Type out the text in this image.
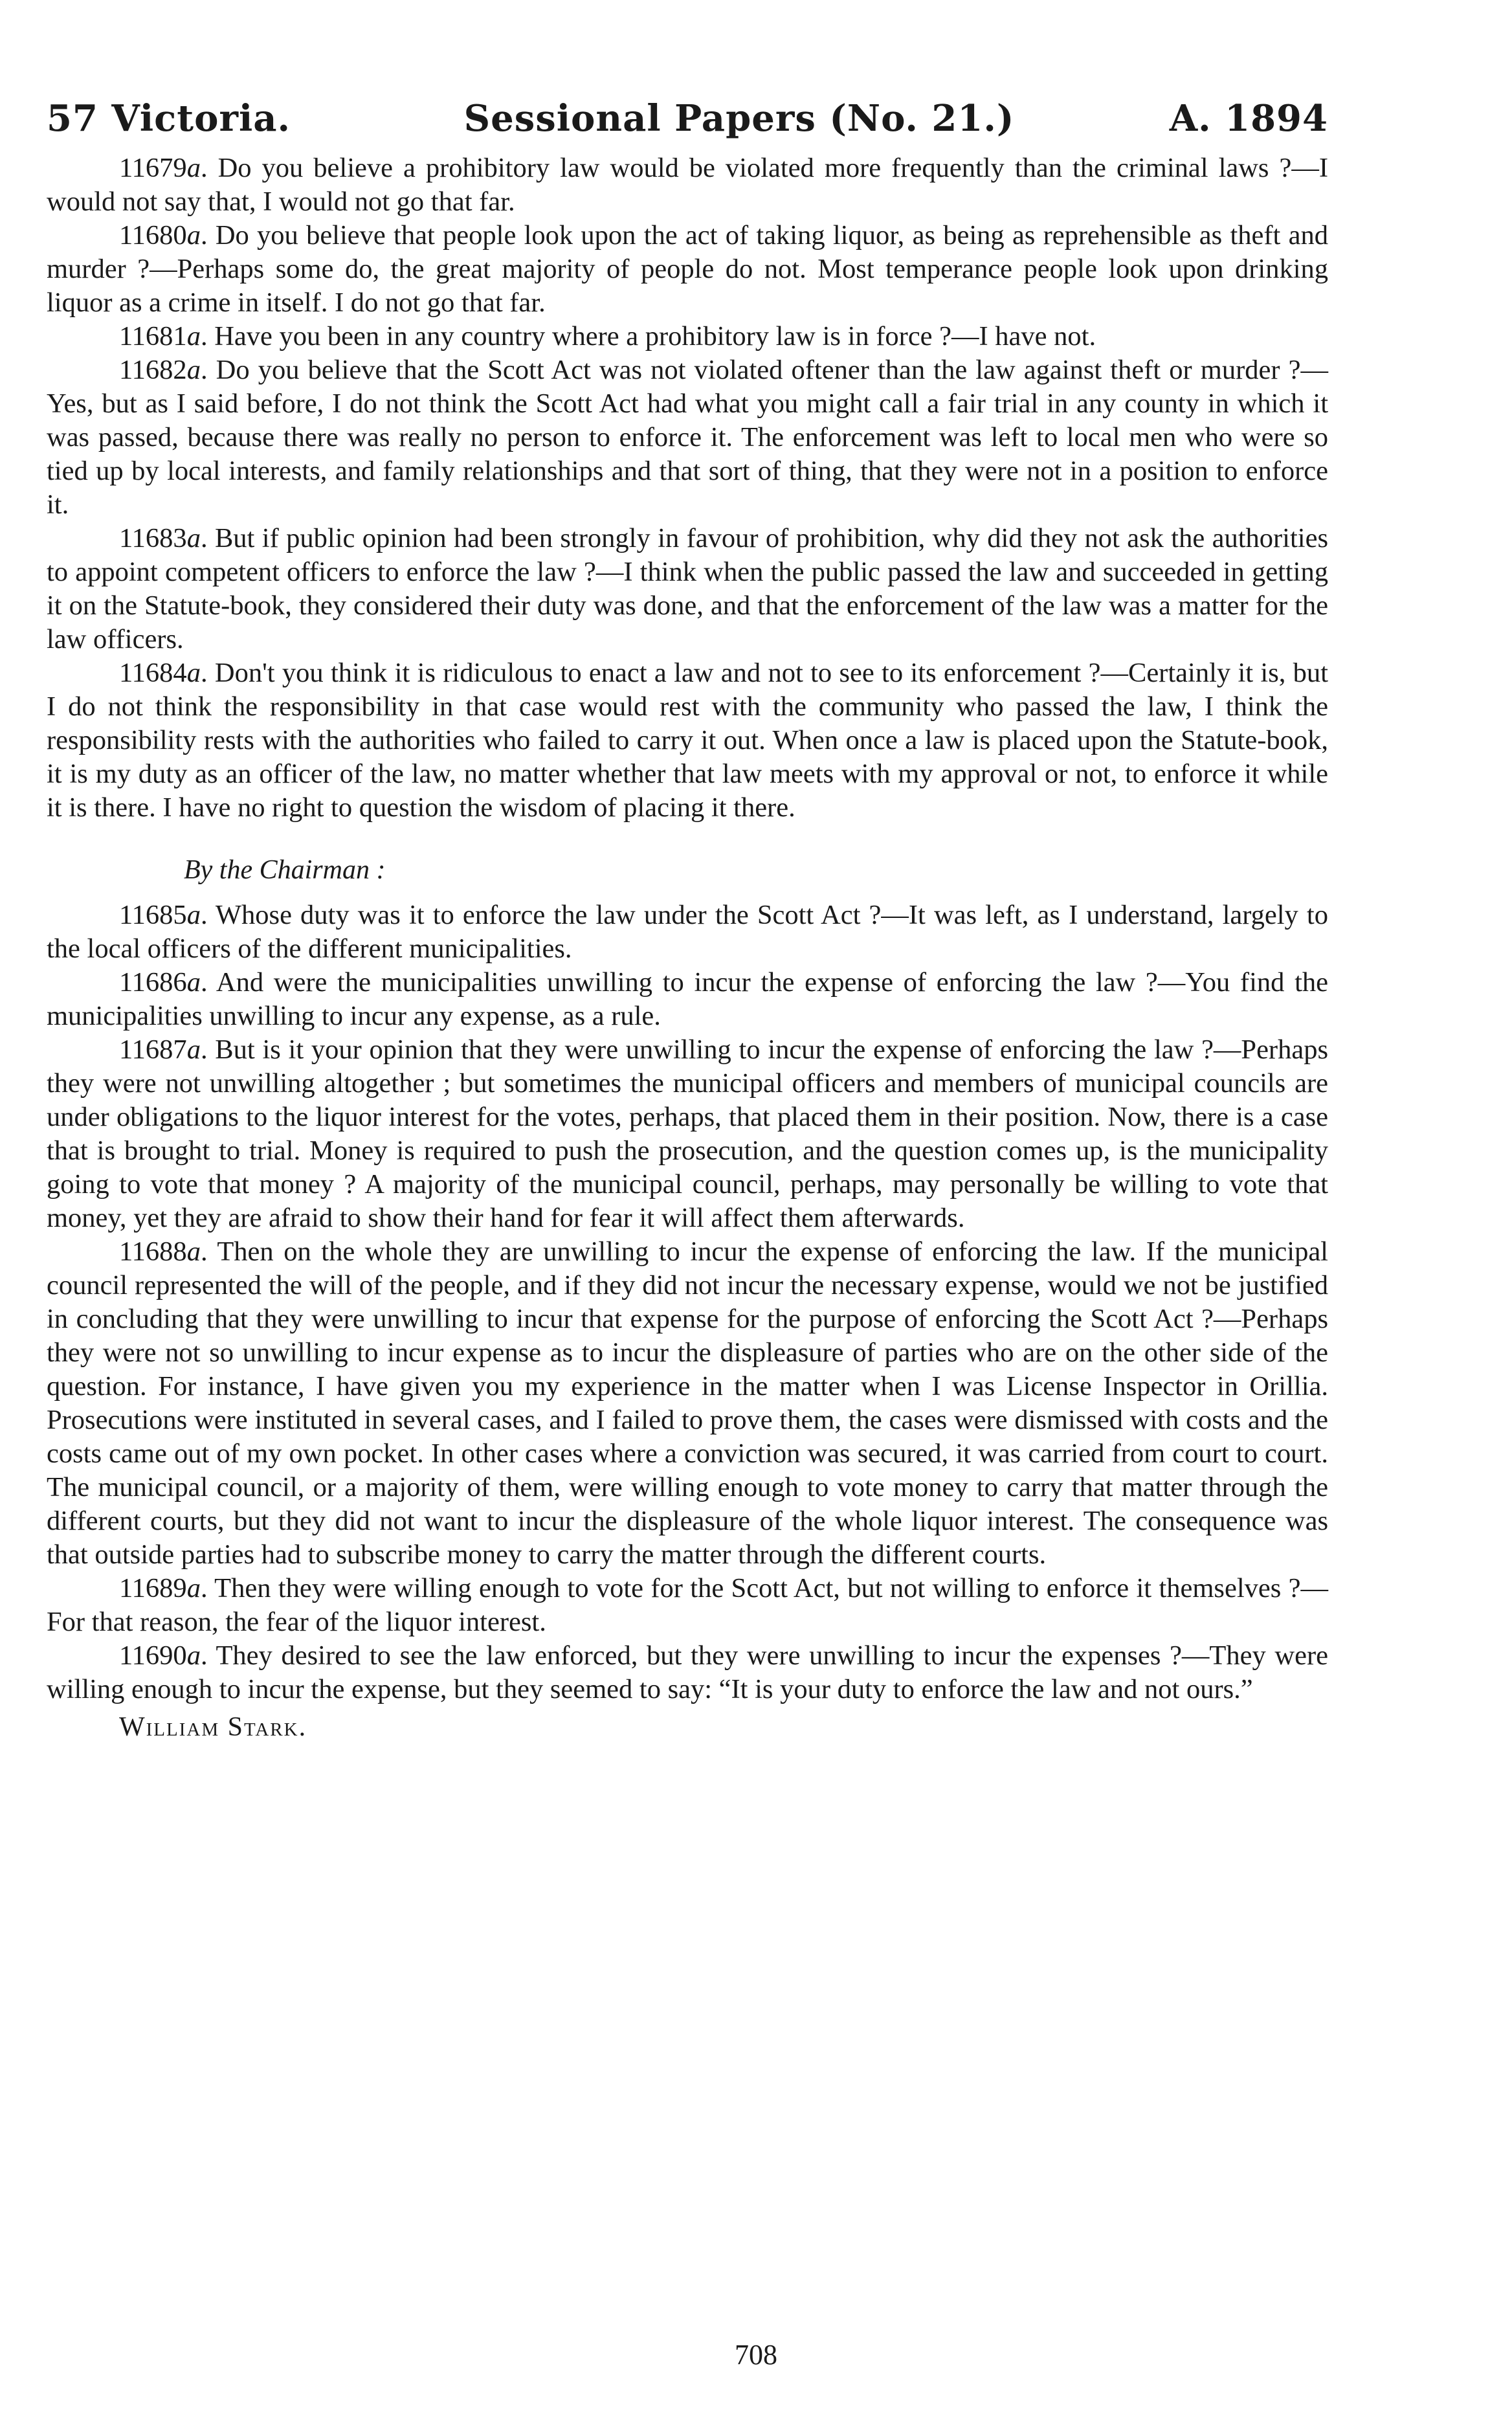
57 Victoria.	Sessional Papers (No. 21.)	A. 1894

11679a. Do you believe a prohibitory law would be violated more frequently than the criminal laws ?—I would not say that, I would not go that far.

11680a. Do you believe that people look upon the act of taking liquor, as being as reprehensible as theft and murder ?—Perhaps some do, the great majority of people do not. Most temperance people look upon drinking liquor as a crime in itself. I do not go that far.

11681a. Have you been in any country where a prohibitory law is in force ?—I have not.

11682a. Do you believe that the Scott Act was not violated oftener than the law against theft or murder ?—Yes, but as I said before, I do not think the Scott Act had what you might call a fair trial in any county in which it was passed, because there was really no person to enforce it. The enforcement was left to local men who were so tied up by local interests, and family relationships and that sort of thing, that they were not in a position to enforce it.

11683a. But if public opinion had been strongly in favour of prohibition, why did they not ask the authorities to appoint competent officers to enforce the law ?—I think when the public passed the law and succeeded in getting it on the Statute-book, they considered their duty was done, and that the enforcement of the law was a matter for the law officers.

11684a. Don't you think it is ridiculous to enact a law and not to see to its enforcement ?—Certainly it is, but I do not think the responsibility in that case would rest with the community who passed the law, I think the responsibility rests with the authorities who failed to carry it out. When once a law is placed upon the Statute-book, it is my duty as an officer of the law, no matter whether that law meets with my approval or not, to enforce it while it is there. I have no right to question the wisdom of placing it there.

By the Chairman :

11685a. Whose duty was it to enforce the law under the Scott Act ?—It was left, as I understand, largely to the local officers of the different municipalities.

11686a. And were the municipalities unwilling to incur the expense of enforcing the law ?—You find the municipalities unwilling to incur any expense, as a rule.

11687a. But is it your opinion that they were unwilling to incur the expense of enforcing the law ?—Perhaps they were not unwilling altogether ; but sometimes the municipal officers and members of municipal councils are under obligations to the liquor interest for the votes, perhaps, that placed them in their position. Now, there is a case that is brought to trial. Money is required to push the prosecution, and the question comes up, is the municipality going to vote that money ? A majority of the municipal council, perhaps, may personally be willing to vote that money, yet they are afraid to show their hand for fear it will affect them afterwards.

11688a. Then on the whole they are unwilling to incur the expense of enforcing the law. If the municipal council represented the will of the people, and if they did not incur the necessary expense, would we not be justified in concluding that they were unwilling to incur that expense for the purpose of enforcing the Scott Act ?—Perhaps they were not so unwilling to incur expense as to incur the displeasure of parties who are on the other side of the question. For instance, I have given you my experience in the matter when I was License Inspector in Orillia. Prosecutions were instituted in several cases, and I failed to prove them, the cases were dismissed with costs and the costs came out of my own pocket. In other cases where a conviction was secured, it was carried from court to court. The municipal council, or a majority of them, were willing enough to vote money to carry that matter through the different courts, but they did not want to incur the displeasure of the whole liquor interest. The consequence was that outside parties had to subscribe money to carry the matter through the different courts.

11689a. Then they were willing enough to vote for the Scott Act, but not willing to enforce it themselves ?—For that reason, the fear of the liquor interest.

11690a. They desired to see the law enforced, but they were unwilling to incur the expenses ?—They were willing enough to incur the expense, but they seemed to say: “It is your duty to enforce the law and not ours.”

William Stark.
708
